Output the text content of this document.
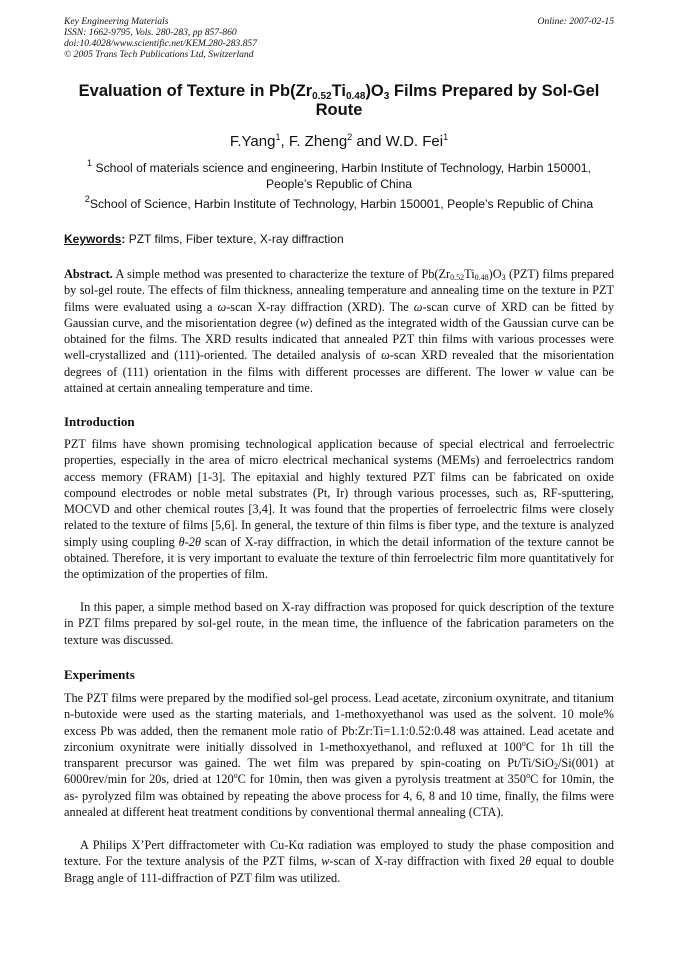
Key Engineering Materials
ISSN: 1662-9795, Vols. 280-283, pp 857-860
doi:10.4028/www.scientific.net/KEM.280-283.857
© 2005 Trans Tech Publications Ltd, Switzerland
Online: 2007-02-15
Evaluation of Texture in $Pb(Zr_{0.52}Ti_{0.48})O_3$ Films Prepared by Sol-Gel Route
F.Yang$^1$, F. Zheng$^2$ and W.D. Fei$^1$
$^1$ School of materials science and engineering, Harbin Institute of Technology, Harbin 150001, People’s Republic of China
$^2$School of Science, Harbin Institute of Technology, Harbin 150001, People’s Republic of China
Keywords: PZT films, Fiber texture, X-ray diffraction

Abstract. A simple method was presented to characterize the texture of $Pb(Zr_{0.52}Ti_{0.48})O_3$ (PZT) films prepared by sol-gel route. The effects of film thickness, annealing temperature and annealing time on the texture in PZT films were evaluated using a ω-scan X-ray diffraction (XRD). The ω-scan curve of XRD can be fitted by Gaussian curve, and the misorientation degree (w) defined as the integrated width of the Gaussian curve can be obtained for the films. The XRD results indicated that annealed PZT thin films with various processes were well-crystallized and (111)-oriented. The detailed analysis of ω-scan XRD revealed that the misorientation degrees of (111) orientation in the films with different processes are different. The lower w value can be attained at certain annealing temperature and time.

Introduction

PZT films have shown promising technological application because of special electrical and ferroelectric properties, especially in the area of micro electrical mechanical systems (MEMs) and ferroelectrics random access memory (FRAM) [1-3]. The epitaxial and highly textured PZT films can be fabricated on oxide compound electrodes or noble metal substrates (Pt, Ir) through various processes, such as, RF-sputtering, MOCVD and other chemical routes [3,4]. It was found that the properties of ferroelectric films were closely related to the texture of films [5,6]. In general, the texture of thin films is fiber type, and the texture is analyzed simply using coupling θ-2θ scan of X-ray diffraction, in which the detail information of the texture cannot be obtained. Therefore, it is very important to evaluate the texture of thin ferroelectric film more quantitatively for the optimization of the properties of film.

In this paper, a simple method based on X-ray diffraction was proposed for quick description of the texture in PZT films prepared by sol-gel route, in the mean time, the influence of the fabrication parameters on the texture was discussed.

Experiments

The PZT films were prepared by the modified sol-gel process. Lead acetate, zirconium oxynitrate, and titanium n-butoxide were used as the starting materials, and 1-methoxyethanol was used as the solvent. 10 mole% excess Pb was added, then the remanent mole ratio of Pb:Zr:Ti=1.1:0.52:0.48 was attained. Lead acetate and zirconium oxynitrate were initially dissolved in 1-methoxyethanol, and refluxed at 100$^o$C for 1h till the transparent precursor was gained. The wet film was prepared by spin-coating on Pt/Ti/SiO$_2$/Si(001) at 6000rev/min for 20s, dried at 120$^o$C for 10min, then was given a pyrolysis treatment at 350$^o$C for 10min, the as- pyrolyzed film was obtained by repeating the above process for 4, 6, 8 and 10 time, finally, the films were annealed at different heat treatment conditions by conventional thermal annealing (CTA).

A Philips X’Pert diffractometer with Cu-Kα radiation was employed to study the phase composition and texture. For the texture analysis of the PZT films, w-scan of X-ray diffraction with fixed 2θ equal to double Bragg angle of 111-diffraction of PZT film was utilized.
